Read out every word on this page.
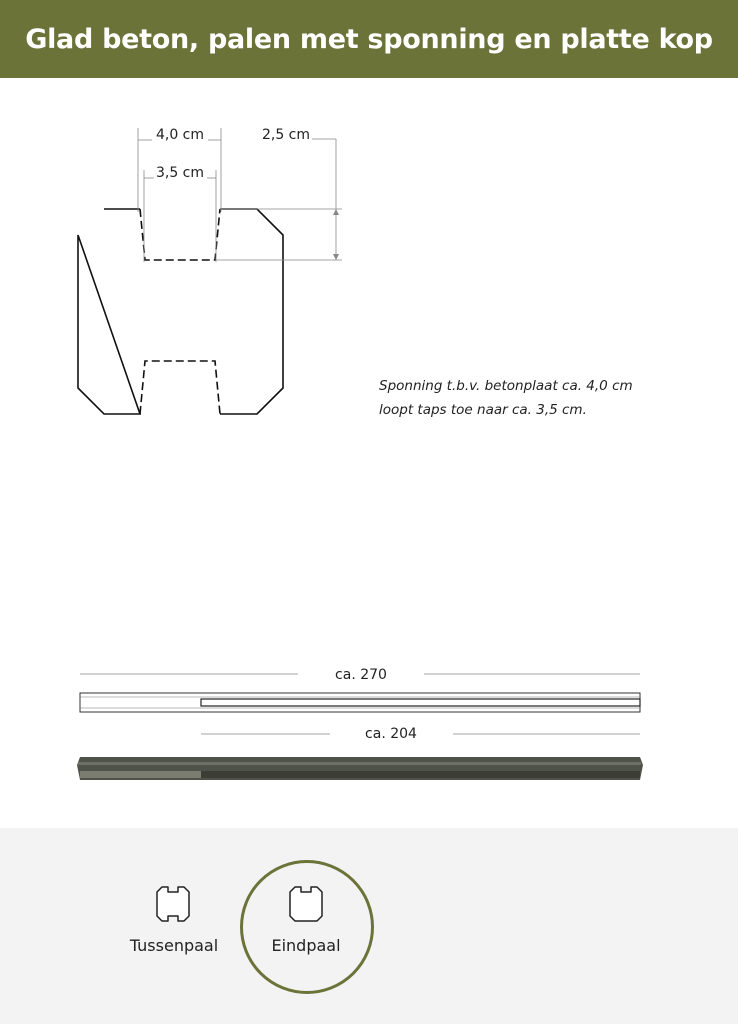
Glad beton, palen met sponning en platte kop
4,0 cm
3,5 cm
2,5 cm
ca. 270
ca. 204
Sponning t.b.v. betonplaat ca. 4,0 cm loopt taps toe naar ca. 3,5 cm.
Tussenpaal	Eindpaal
